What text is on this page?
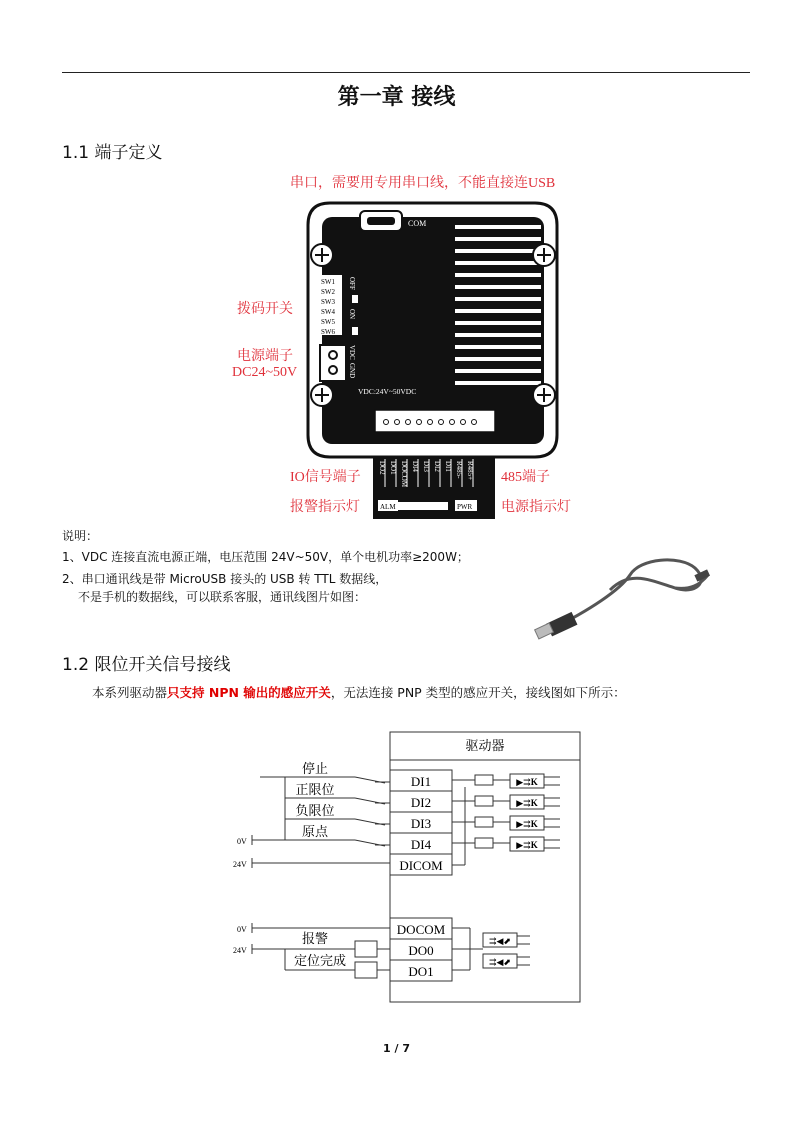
第一章 接线
1.1 端子定义
串口，需要用专用串口线，不能直接连USB
拨码开关
电源端子
DC24~50V
IO信号端子	485端子
报警指示灯	电源指示灯
COM
SW1
SW2
SW3
SW4
SW5
SW6
OFF
ON
VDC
GND
VDC:24V~50VDC
DO2 DO1 DOCOM DI4 DI3 DI2 DI1 R485- R485+
ALM	PWR
说明：
1、VDC 连接直流电源正端，电压范围 24V~50V，单个电机功率≥200W；
2、串口通讯线是带 MicroUSB 接头的 USB 转 TTL 数据线，
不是手机的数据线，可以联系客服，通讯线图片如图：
1.2 限位开关信号接线
本系列驱动器只支持 NPN 输出的感应开关，无法连接 PNP 类型的感应开关，接线图如下所示：
驱动器
DI1
DI2
DI3
DI4
DICOM
停止
正限位
负限位
原点
0V
24V
▶⇉K
▶⇉K
▶⇉K
▶⇉K
DOCOM
DO0
DO1
⇉◀⬈
⇉◀⬈
报警
定位完成
0V
24V
1 / 7
